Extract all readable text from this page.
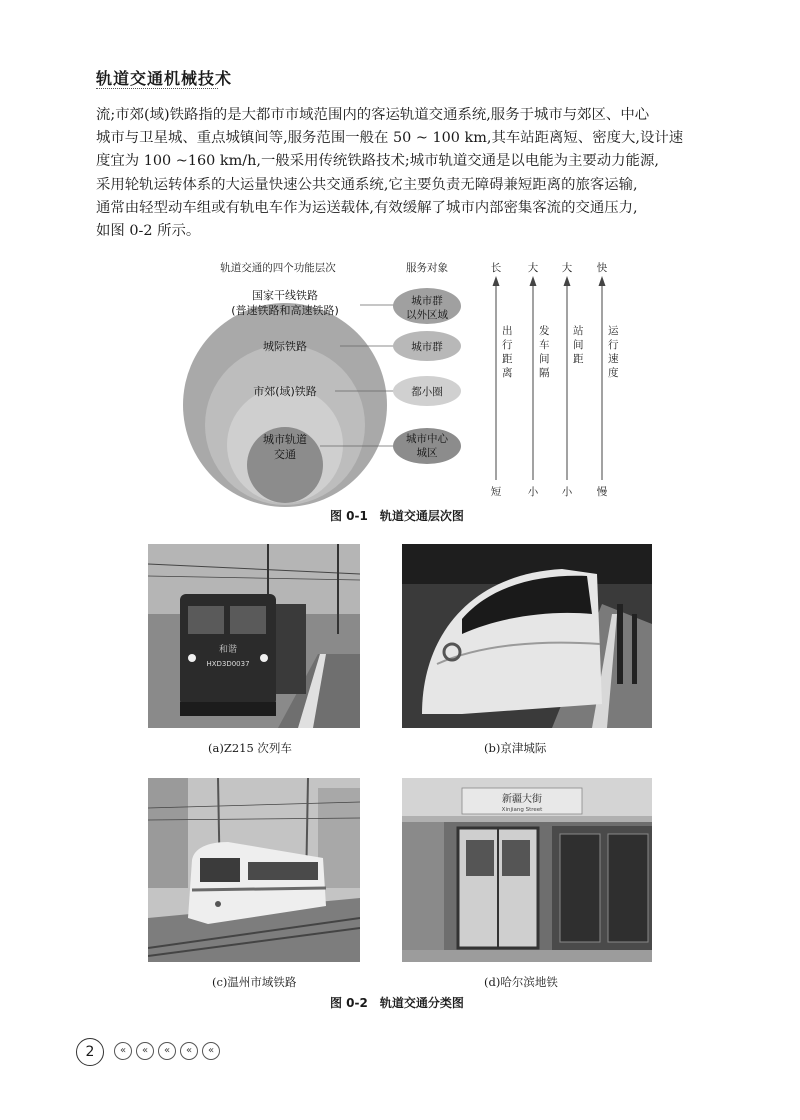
轨道交通机械技术
流;市郊(域)铁路指的是大都市市域范围内的客运轨道交通系统,服务于城市与郊区、中心
城市与卫星城、重点城镇间等,服务范围一般在 50 ~ 100 km,其车站距离短、密度大,设计速
度宜为 100 ~160 km/h,一般采用传统铁路技术;城市轨道交通是以电能为主要动力能源,
采用轮轨运转体系的大运量快速公共交通系统,它主要负责无障碍兼短距离的旅客运输,
通常由轻型动车组或有轨电车作为运送载体,有效缓解了城市内部密集客流的交通压力,
如图 0-2 所示。
轨道交通的四个功能层次	服务对象
国家干线铁路
(普速铁路和高速铁路)
城际铁路
市郊(域)铁路
城市轨道
交通
城市群
以外区域
城市群
都小圈
城市中心
城区
长
短
出行距离
大
小
发车间隔
大
小
站间距
快
慢
运行速度
图 0-1　轨道交通层次图
和谐
HXD3D0037
(a)Z215 次列车	(b)京津城际
(c)温州市域铁路
新疆大街
Xinjiang Street
(d)哈尔滨地铁
图 0-2　轨道交通分类图
2	«	«	«	«	«
